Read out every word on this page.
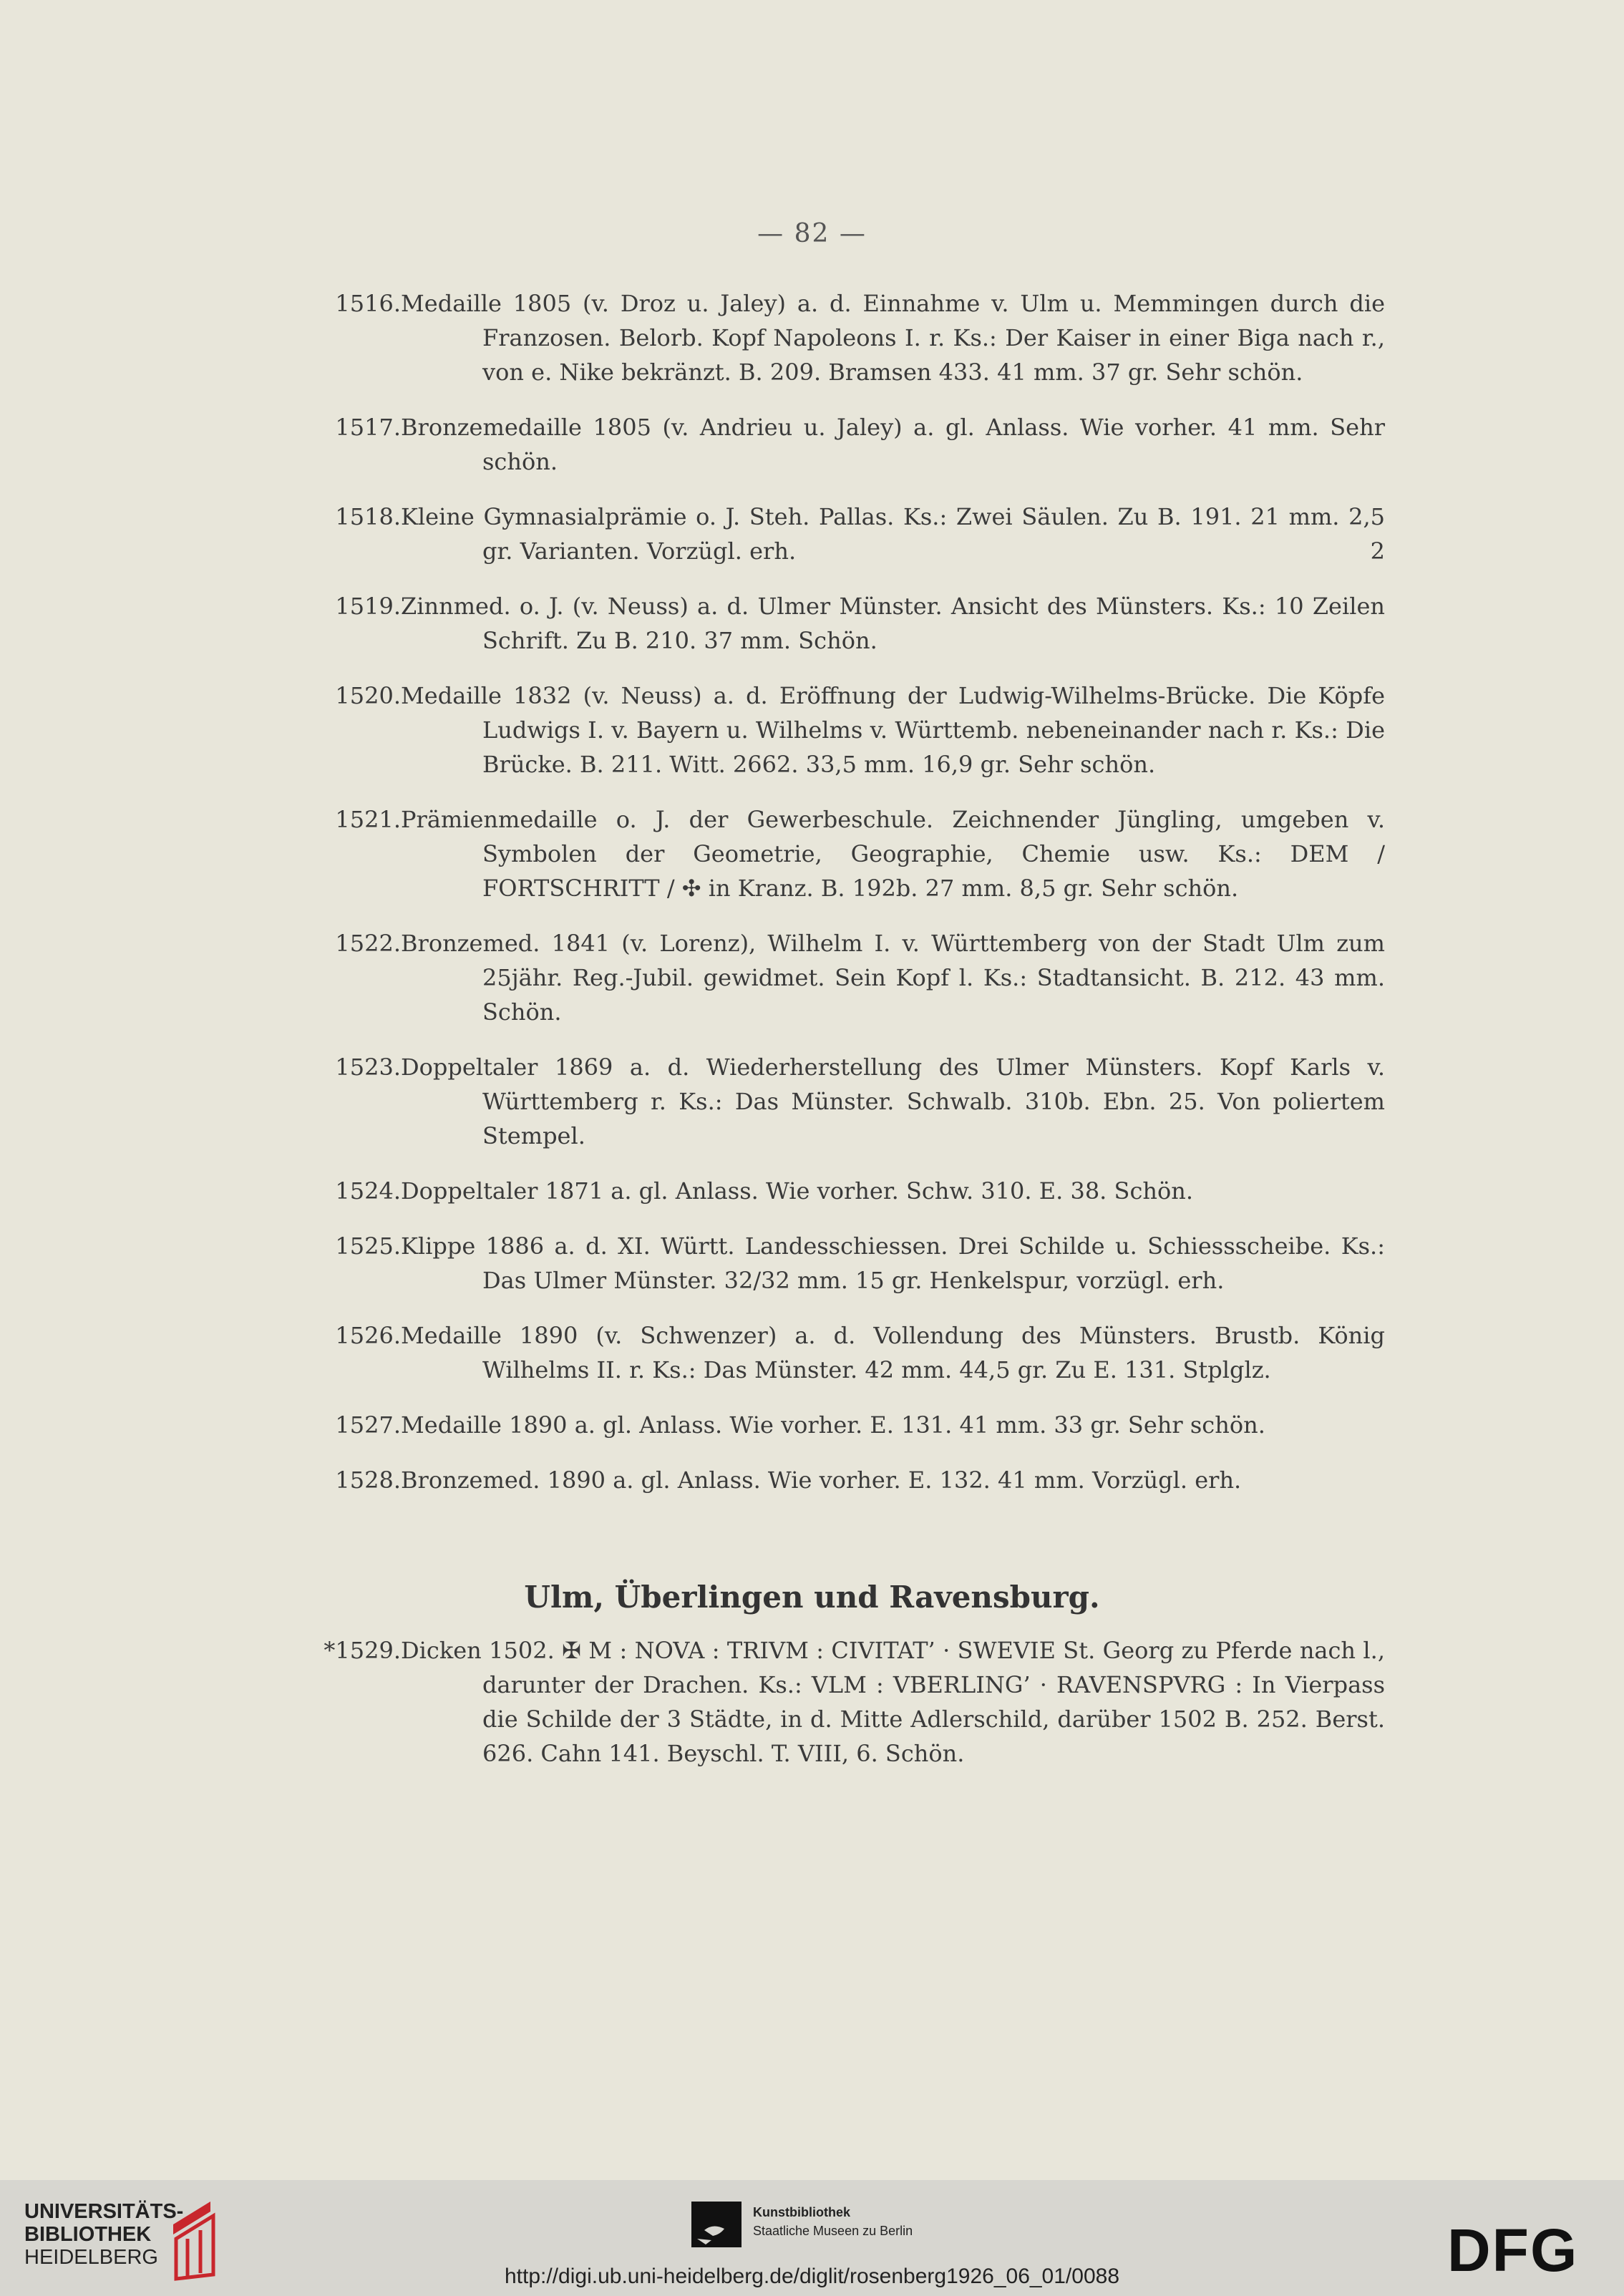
— 82 —
1516. Medaille 1805 (v. Droz u. Jaley) a. d. Einnahme v. Ulm u. Memmingen durch die Franzosen. Belorb. Kopf Napoleons I. r. Ks.: Der Kaiser in einer Biga nach r., von e. Nike bekränzt. B. 209. Bramsen 433. 41 mm. 37 gr. Sehr schön.
1517. Bronzemedaille 1805 (v. Andrieu u. Jaley) a. gl. Anlass. Wie vorher. 41 mm. Sehr schön.
1518. Kleine Gymnasialprämie o. J. Steh. Pallas. Ks.: Zwei Säulen. Zu B. 191. 21 mm. 2,5 gr. Varianten. Vorzügl. erh.	2
1519. Zinnmed. o. J. (v. Neuss) a. d. Ulmer Münster. Ansicht des Münsters. Ks.: 10 Zeilen Schrift. Zu B. 210. 37 mm. Schön.
1520. Medaille 1832 (v. Neuss) a. d. Eröffnung der Ludwig-Wilhelms-Brücke. Die Köpfe Ludwigs I. v. Bayern u. Wilhelms v. Württemb. nebeneinander nach r. Ks.: Die Brücke. B. 211. Witt. 2662. 33,5 mm. 16,9 gr. Sehr schön.
1521. Prämienmedaille o. J. der Gewerbeschule. Zeichnender Jüngling, umgeben v. Symbolen der Geometrie, Geographie, Chemie usw. Ks.: DEM / FORTSCHRITT / ✣ in Kranz. B. 192b. 27 mm. 8,5 gr. Sehr schön.
1522. Bronzemed. 1841 (v. Lorenz), Wilhelm I. v. Württemberg von der Stadt Ulm zum 25jähr. Reg.-Jubil. gewidmet. Sein Kopf l. Ks.: Stadtansicht. B. 212. 43 mm. Schön.
1523. Doppeltaler 1869 a. d. Wiederherstellung des Ulmer Münsters. Kopf Karls v. Württemberg r. Ks.: Das Münster. Schwalb. 310b. Ebn. 25. Von poliertem Stempel.
1524. Doppeltaler 1871 a. gl. Anlass. Wie vorher. Schw. 310. E. 38. Schön.
1525. Klippe 1886 a. d. XI. Württ. Landesschiessen. Drei Schilde u. Schiessscheibe. Ks.: Das Ulmer Münster. 32/32 mm. 15 gr. Henkelspur, vorzügl. erh.
1526. Medaille 1890 (v. Schwenzer) a. d. Vollendung des Münsters. Brustb. König Wilhelms II. r. Ks.: Das Münster. 42 mm. 44,5 gr. Zu E. 131. Stplglz.
1527. Medaille 1890 a. gl. Anlass. Wie vorher. E. 131. 41 mm. 33 gr. Sehr schön.
1528. Bronzemed. 1890 a. gl. Anlass. Wie vorher. E. 132. 41 mm. Vorzügl. erh.
Ulm, Überlingen und Ravensburg.
*1529. Dicken 1502. ✠ M : NOVA : TRIVM : CIVITAT’ · SWEVIE St. Georg zu Pferde nach l., darunter der Drachen. Ks.: VLM : VBERLING’ · RAVENSPVRG : In Vierpass die Schilde der 3 Städte, in d. Mitte Adlerschild, darüber 1502 B. 252. Berst. 626. Cahn 141. Beyschl. T. VIII, 6. Schön.
UNIVERSITÄTS-
BIBLIOTHEK
HEIDELBERG
Kunstbibliothek
Staatliche Museen zu Berlin	DFG
http://digi.ub.uni-heidelberg.de/diglit/rosenberg1926_06_01/0088
